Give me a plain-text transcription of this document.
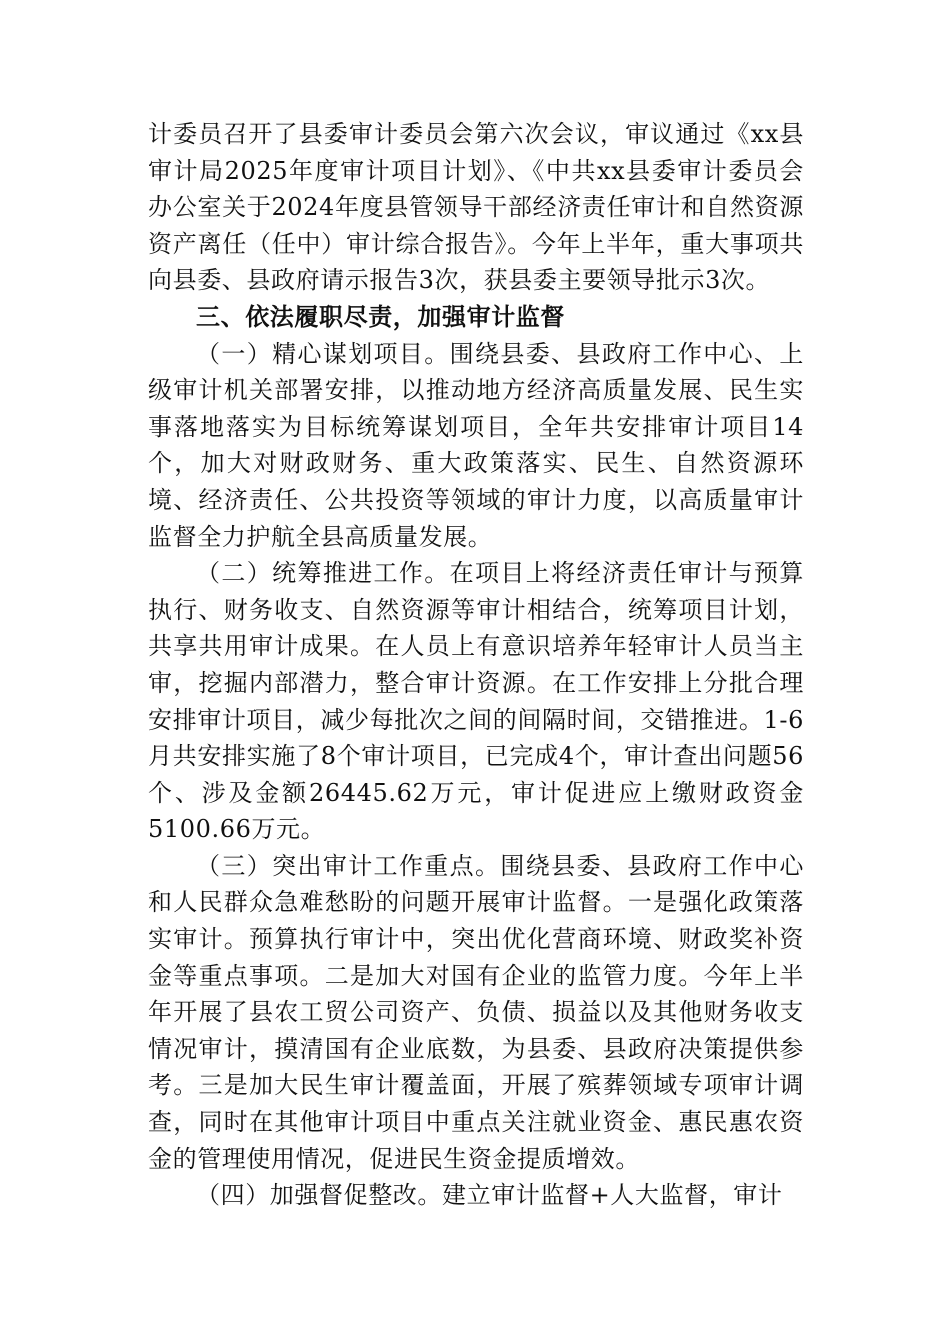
计委员召开了县委审计委员会第六次会议，审议通过《xx县审计局2025年度审计项目计划》、《中共xx县委审计委员会办公室关于2024年度县管领导干部经济责任审计和自然资源资产离任（任中）审计综合报告》。今年上半年，重大事项共向县委、县政府请示报告3次，获县委主要领导批示3次。

三、依法履职尽责，加强审计监督

（一）精心谋划项目。围绕县委、县政府工作中心、上级审计机关部署安排，以推动地方经济高质量发展、民生实事落地落实为目标统筹谋划项目，全年共安排审计项目14个，加大对财政财务、重大政策落实、民生、自然资源环境、经济责任、公共投资等领域的审计力度，以高质量审计监督全力护航全县高质量发展。

（二）统筹推进工作。在项目上将经济责任审计与预算执行、财务收支、自然资源等审计相结合，统筹项目计划，共享共用审计成果。在人员上有意识培养年轻审计人员当主审，挖掘内部潜力，整合审计资源。在工作安排上分批合理安排审计项目，减少每批次之间的间隔时间，交错推进。1-6月共安排实施了8个审计项目，已完成4个，审计查出问题56个、涉及金额26445.62万元，审计促进应上缴财政资金5100.66万元。

（三）突出审计工作重点。围绕县委、县政府工作中心和人民群众急难愁盼的问题开展审计监督。一是强化政策落实审计。预算执行审计中，突出优化营商环境、财政奖补资金等重点事项。二是加大对国有企业的监管力度。今年上半年开展了县农工贸公司资产、负债、损益以及其他财务收支情况审计，摸清国有企业底数，为县委、县政府决策提供参考。三是加大民生审计覆盖面，开展了殡葬领域专项审计调查，同时在其他审计项目中重点关注就业资金、惠民惠农资金的管理使用情况，促进民生资金提质增效。

（四）加强督促整改。建立审计监督+人大监督，审计
